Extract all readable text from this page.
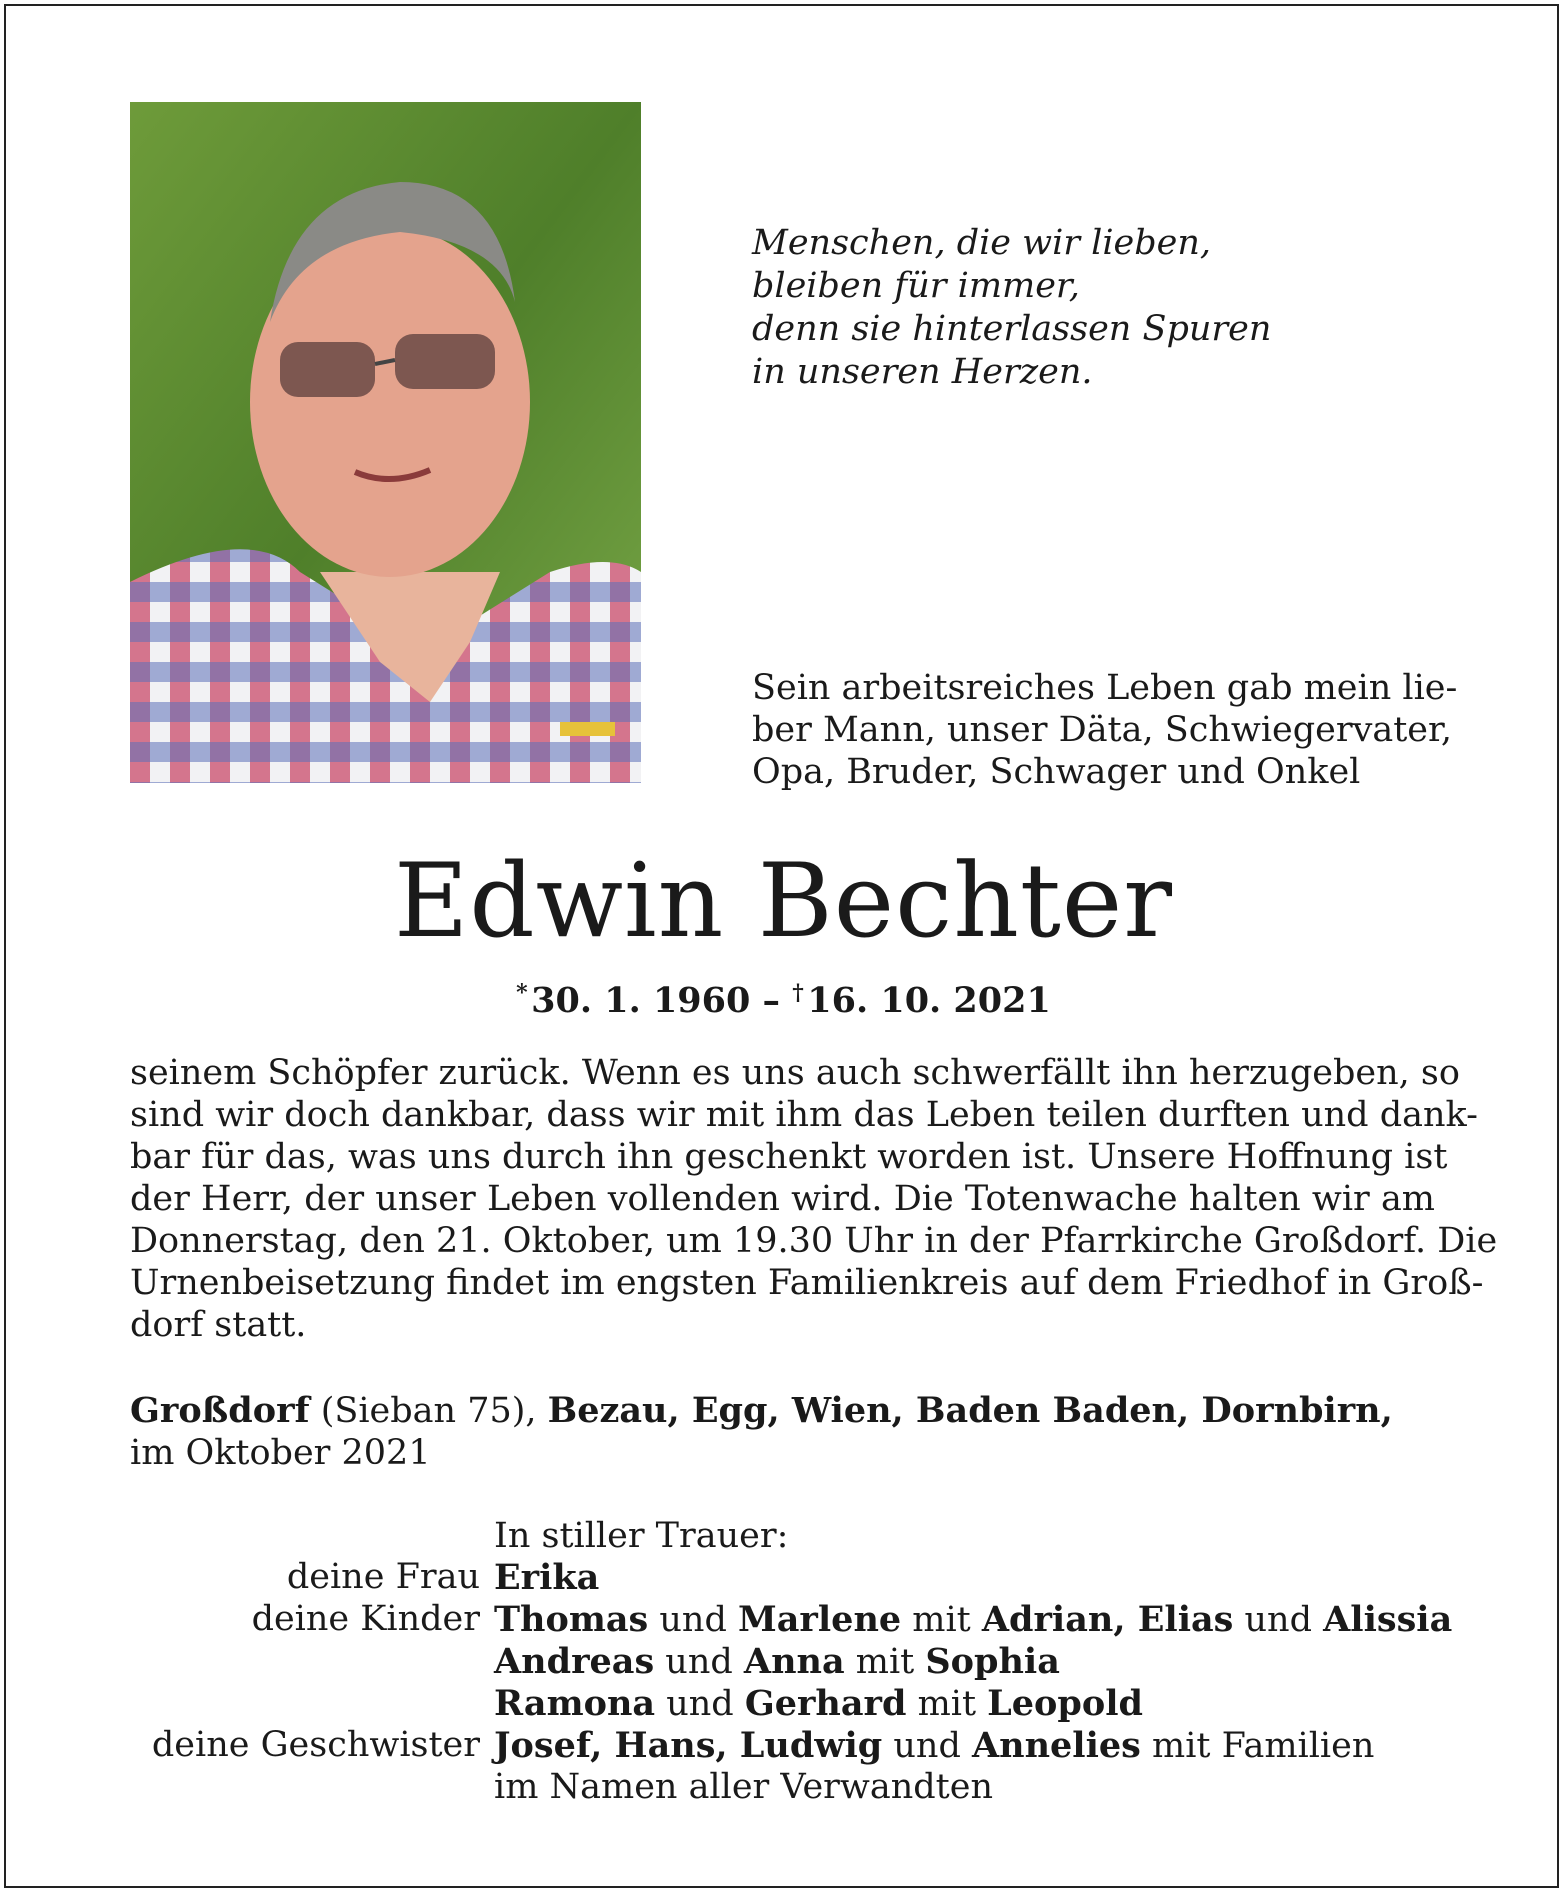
Menschen, die wir lieben,
bleiben für immer,
denn sie hinterlassen Spuren
in unseren Herzen.
Sein arbeitsreiches Leben gab mein lie-
ber Mann, unser Däta, Schwiegervater,
Opa, Bruder, Schwager und Onkel
Edwin Bechter
*  30. 1. 1960 – †  16. 10. 2021
seinem Schöpfer zurück. Wenn es uns auch schwerfällt ihn herzugeben, so
sind wir doch dankbar, dass wir mit ihm das Leben teilen durften und dank-
bar für das, was uns durch ihn geschenkt worden ist. Unsere Hoffnung ist
der Herr, der unser Leben vollenden wird. Die Totenwache halten wir am
Donnerstag, den 21. Oktober, um 19.30 Uhr in der Pfarrkirche Großdorf. Die
Urnenbeisetzung findet im engsten Familienkreis auf dem Friedhof in Groß-
dorf statt.
Großdorf (Sieban 75), Bezau, Egg, Wien, Baden Baden, Dornbirn,
im Oktober 2021
In stiller Trauer:
deine Frau Erika
deine Kinder Thomas und Marlene mit Adrian, Elias und Alissia
Andreas und Anna mit Sophia
Ramona und Gerhard mit Leopold
deine Geschwister Josef, Hans, Ludwig und Annelies mit Familien
im Namen aller Verwandten
